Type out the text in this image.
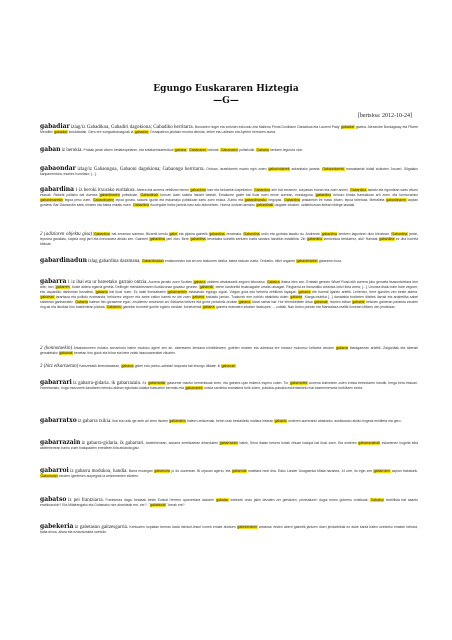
Egungo Euskararen Hiztegia
—G—
[bertsioa: 2012-10-24]
gabadiar izlag/iz Gabadikoa, Gabadiri dagokiona; Gabadiko herritarra. Burularen hogei eta zortzian eskondu zira Mallena Prima Donibane Garazikoa eta Laurent Pady gabadiar gaztea. Alexandre Bordagaray eta Pilarre Mendibil gabadiar kondatariak. Gero ere zorigaiztokoagoak la gabadiar. Donapaleun jaiotako muntra dinmak, lehen eta Lallesen eta Ayerbe herriaren aurka.
gaban iz berokia. Prakak jantzi zituen bedatzopelaren, eta arkatzentzarenikoa gabana. Gabanaren botoiak. Gabanaren poltsikotik. Gabana kentzen leguruta zion.
gabaondar izlag/iz Gabaongoa, Gabaoni dagokiona; Gabaongo herritarra. Orduan, israeldarrek esartu egin zuten gabaondarrek askanitako janaria. Gabaondarrek mandatariak bidali zizkioten Josueri, Gilgalako kanpamentura, esanez honelako: [...].
gabardina 1 iz beroki itxurako euritakoa. Ateera eta aurrera zebiltzan benen gabardina luze eta beluzekin kapeluekin. Gabardina arin bat zeramen, sorpasan eturan eta zuen annex. Gabardina askatu eta egundean sartu zituen eskuak. Ricketk poltsiko bat duenea gabardinaren poltsikoan. Gabardinak forruan duen sakela hauset batean. Emakume gazte bat ikusi nuen neure aurrean, eseztaguna, gabardina belrozo biraka frankakoan arri zuen, eta hormoramko gabardinarekin legoa peso zuen. Gabardinaren lepoa goratu, sokuek igurtzi eta eskumako poltsikoan sartu zuen eskua. Zuhbu eta gabardinarako hegopak. Gabardina prakarekin ire hutsu zituen, lepoa tobetuaz. Metralleta gabardinaren azpian gordeta. Bar Diamondin sartu nintzen eta batea eskatu nuen. Gabardina flouregube botez jantzia hasi zalo aldonetzen. Horma ondoan armairu gabardinak usigabe zituzten, oztabiburuan itelean bidege lasaiak.
2 (adizlaren objektu gisa) Gabardina bat zeraman soinean. Bizarrik kendu gabe eta pijama gainetik gabardina zeraimala. Gabardina urdin eta gorbata lasaitu du. Andrenek gabardina kentzen laguntzen dion biloztean. Gabardina jantzi, lepoxea gaustatu, kapela ongi jarri eta itxeoranetz abiatu zen. Gaineen gabardina jarri zion. Bere gabardina benebaka solnetik kentzen zuela samara handikin estalirikia. Ziri gabardina zientzekoa belduerez, ala? Hainbat gabardina ez dira horrela bilduak.
gabardinadun izlag gabardina daramana. Gabardinadun emakumezko bat ari zen txakurren dekka, katea eskuan zuela. Ordueko, hiltzt ongaren gabardinadun gizasemo hura.
gabarra 1 iz ibai eta ur bareetako garraio ontzia. Aurrera jarraitu zuen Scotten gabarra ubideen atrakatzarik zegoen lekuraino. Gabarra ibaina irten zen. Erabaki genuen Wharf Road-etik aurrera joko genuela itsasontzietara irtor arte; han, gabarren, boste aldera egarria genela. Dellinger mendarteztaren ikuskizunaz gozatuz geunen. gabarrak, beren kanburtild leuaruagabe urratzu aisagari. Ringsend-ez hanandiko arrantza ontzi flota arrea; [...]. Uruinea itsalu bare bare zegoen; eta, aspaldiko danbortan bezalese, gabarra bat ikusi nuen. Ez dakit Itxelzabaten gabarrarekin estaratuko egongo ziguzi. Volgan gora edo beheria zebiltzan luyagak, gabarra ete buenat igarlen artetik. Lehentxo, bere igarotes zen beste aldera, gabarran larantaza eta polikdu ezamanda, beldurrez zegoen eta zame zatiun harrek ez ote zuen gabarra kiskaidu jarrian. Txakurek ene nobiriu abakitatu duten gabarra, Klarga-mutrika [...] danatakia bozketen ditzitek ilarrak eta artabetika sabel sabelean ganbarratez. Gabarra batean hiru gizaseme egon, zirudienez amontzan ari. Bizkama beltzez eta gorriz pintaturik zeukan gabarra hanzi samar bat. Hor lehenbetaten ditua gabarrak, Ibarren eldian gabarrik betzuen gaineran paratuta zeuden ring-ak eta ikuskak hiru bastientean platuta. Gabarren gainekin bonnete gorrite eglzen zendae, bonetzeriak gabarra gainera eramaten zituzten itzakupes; ... zubiak, Nan Anton porean eta Martzalaza realtik honetan bilitzen zen jendetzac.
2 (konnotaekin) Arkatzaruneen estutuz sorranbutu baten moduko agerri zen ari, abereiaren kerdana kimbildearen, goteten mozten eta adrekola ere hansez mokurruz beltzeta zeuden gabarra ibaragarrean arteltik. Zalgurdiak eta abenak gersatetako gabarrak benetan hiru gizuk eta bihar eta bere zelak itsasorazerabet zituzten.
3 (hitz elkartuetan) Kantzekatik itmendaasean, gabarra-gideri edo portuu-zaindari lanposta bat ehungo dildate. ik gabarrari.
gabarrari iz gabarra-gidaria. ik gabarrazain. Ez gabarrariak gizaseme mantur kementsuak ziren, eta gainera ujan eskerra espero zuten. Tur gabarrariek aurrena buitxetzen zuten entzia trebeziaren handik, herga bera eskuan. Hometanako, hoga mutzurrek kanalaren beheko aldean egindako kaiaka batzueten bermatu eta gabarrariek ontzia sarrileka eramatera turik zuten, putxaka-putxaka eskeriaeldeko bai baztermierantz hurbiltzen zirela.
gabarratxo iz gabarra txikia. Ibai eta urak ige ante ari ziren itsoten gabarratxo bateen zeisizenak, behin urak bestaldeko mallara iristean gabaldu onderen aurrerantz abiatzeko, aseikuaoko atxiko hogeak emititeta eta gero.
gabarrazain iz gabarra-gidaria. ik gabarrari. Astelehenean, adoarra zerbitzaetan dihardueen gabarrazain batek, Sena ibaian behera hutsik zihuan txalupa bat ikusi zuen. Eta onderen gabarrazainak eskarienen hogeita bika astelehenean harriu zuen txalupaaren erreateen bila abiatuta gaiz.
gabarroi iz gabarra modukoa, handia. Barra eroangan gabarroira jo du zuzenean. Bi urjauan agertu, eta gabarroia maietara heal dira. Eako Lander Unagaenka Miata harabea, 14 urte, ito egin zen gabarroien azpian trabaturik. Gabarroian zeuden igerilerien aurpegiak ia antzemanten zitzeien.
gabatso iz pei frantziarra. Frantsesez daga, bestaak beste Euskal Herrero opororetara datozen gabatso estiezek ondo jakin dezaten zer gertatzen, pentsaturen dugut euren gobernu ordekoak. Gabatso txobillista bat asantu erabiluarokin? Eta Milafrangako eta Gotainako nire aharideak ere, zer?, "gabatsoak" berak ere?
gabekeria iz gabetasun gaitzesgarria. Kentuaren kopiatan berean bada mindurl-linturi honek emate ahotsen gabekeriaren arrastoa: festeo aberri gainetik jantzen duen jendartekak ez duke kanta baten ozetzeko ematen behara, batia ainoa, ailara eta ezizuntzakea ozeboki.
